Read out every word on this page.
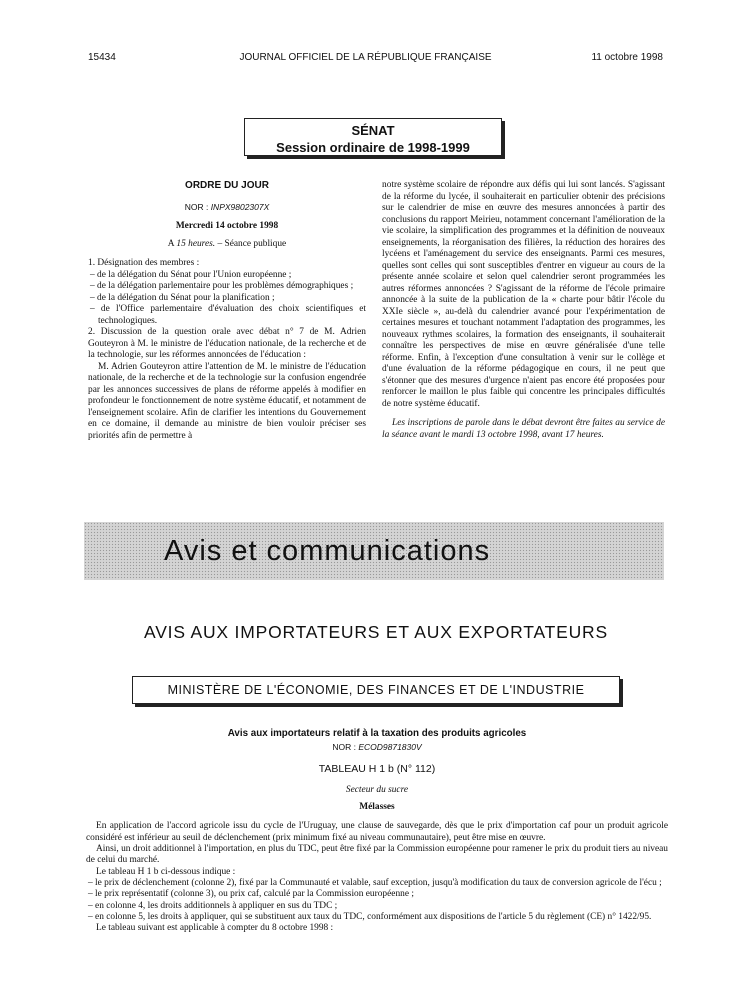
15434	JOURNAL OFFICIEL DE LA RÉPUBLIQUE FRANÇAISE	11 octobre 1998
SÉNAT
Session ordinaire de 1998-1999
ORDRE DU JOUR
NOR : INPX9802307X
Mercredi 14 octobre 1998
A 15 heures. – Séance publique

1. Désignation des membres :

– de la délégation du Sénat pour l'Union européenne ;

– de la délégation parlementaire pour les problèmes démographiques ;

– de la délégation du Sénat pour la planification ;

– de l'Office parlementaire d'évaluation des choix scientifiques et technologiques.

2. Discussion de la question orale avec débat n° 7 de M. Adrien Gouteyron à M. le ministre de l'éducation nationale, de la recherche et de la technologie, sur les réformes annoncées de l'éducation :

M. Adrien Gouteyron attire l'attention de M. le ministre de l'éducation nationale, de la recherche et de la technologie sur la confusion engendrée par les annonces successives de plans de réforme appelés à modifier en profondeur le fonctionnement de notre système éducatif, et notamment de l'enseignement scolaire. Afin de clarifier les intentions du Gouvernement en ce domaine, il demande au ministre de bien vouloir préciser ses priorités afin de permettre à

notre système scolaire de répondre aux défis qui lui sont lancés. S'agissant de la réforme du lycée, il souhaiterait en particulier obtenir des précisions sur le calendrier de mise en œuvre des mesures annoncées à partir des conclusions du rapport Meirieu, notamment concernant l'amélioration de la vie scolaire, la simplification des programmes et la définition de nouveaux enseignements, la réorganisation des filières, la réduction des horaires des lycéens et l'aménagement du service des enseignants. Parmi ces mesures, quelles sont celles qui sont susceptibles d'entrer en vigueur au cours de la présente année scolaire et selon quel calendrier seront programmées les autres réformes annoncées ? S'agissant de la réforme de l'école primaire annoncée à la suite de la publication de la « charte pour bâtir l'école du XXIe siècle », au-delà du calendrier avancé pour l'expérimentation de certaines mesures et touchant notamment l'adaptation des programmes, les nouveaux rythmes scolaires, la formation des enseignants, il souhaiterait connaître les perspectives de mise en œuvre généralisée d'une telle réforme. Enfin, à l'exception d'une consultation à venir sur le collège et d'une évaluation de la réforme pédagogique en cours, il ne peut que s'étonner que des mesures d'urgence n'aient pas encore été proposées pour renforcer le maillon le plus faible qui concentre les principales difficultés de notre système éducatif.

Les inscriptions de parole dans le débat devront être faites au service de la séance avant le mardi 13 octobre 1998, avant 17 heures.

Avis et communications
AVIS AUX IMPORTATEURS ET AUX EXPORTATEURS
MINISTÈRE DE L'ÉCONOMIE, DES FINANCES ET DE L'INDUSTRIE
Avis aux importateurs relatif à la taxation des produits agricoles
NOR : ECOD9871830V
TABLEAU H 1 b (N° 112)
Secteur du sucre
Mélasses

En application de l'accord agricole issu du cycle de l'Uruguay, une clause de sauvegarde, dès que le prix d'importation caf pour un produit agricole considéré est inférieur au seuil de déclenchement (prix minimum fixé au niveau communautaire), peut être mise en œuvre.

Ainsi, un droit additionnel à l'importation, en plus du TDC, peut être fixé par la Commission européenne pour ramener le prix du produit tiers au niveau de celui du marché.

Le tableau H 1 b ci-dessous indique :

– le prix de déclenchement (colonne 2), fixé par la Communauté et valable, sauf exception, jusqu'à modification du taux de conversion agricole de l'écu ;

– le prix représentatif (colonne 3), ou prix caf, calculé par la Commission européenne ;

– en colonne 4, les droits additionnels à appliquer en sus du TDC ;

– en colonne 5, les droits à appliquer, qui se substituent aux taux du TDC, conformément aux dispositions de l'article 5 du règlement (CE) n° 1422/95.

Le tableau suivant est applicable à compter du 8 octobre 1998 :
